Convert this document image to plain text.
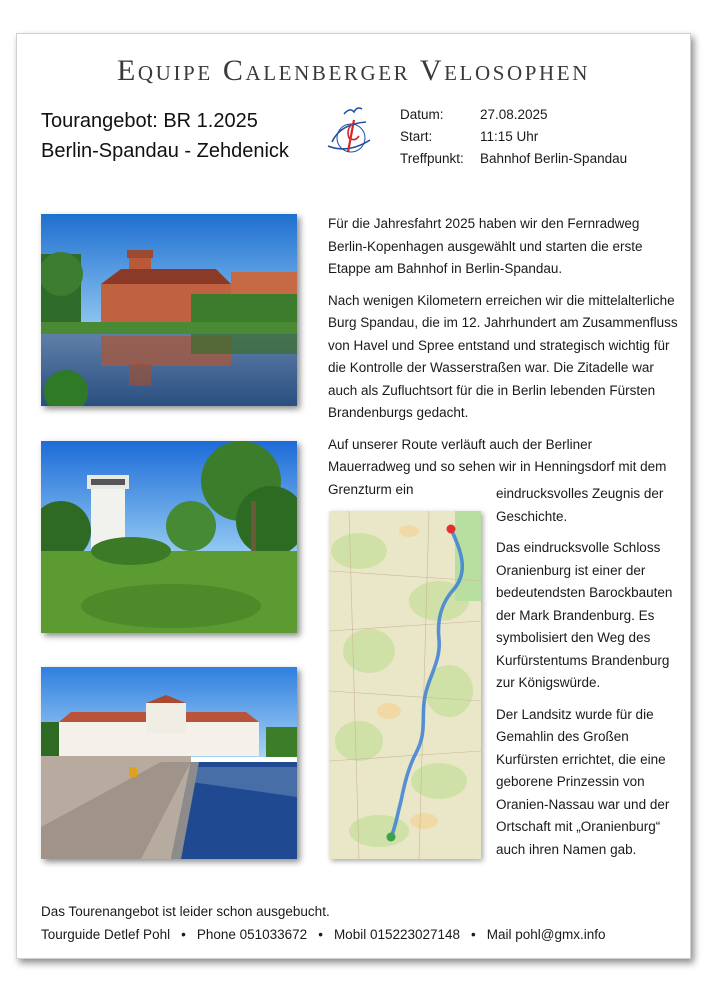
Equipe Calenberger Velosophen
Tourangebot: BR 1.2025
Berlin-Spandau - Zehdenick
Datum:	27.08.2025
Start:	11:15 Uhr
Treffpunkt:	Bahnhof Berlin-Spandau

Für die Jahresfahrt 2025 haben wir den Fernradweg Berlin-Kopenhagen ausgewählt und starten die erste Etappe am Bahnhof in Berlin-Spandau.

Nach wenigen Kilometern erreichen wir die mittelalterliche Burg Spandau, die im 12. Jahrhundert am Zusammenfluss von Havel und Spree entstand und strategisch wichtig für die Kontrolle der Wasserstraßen war. Die Zitadelle war auch als Zufluchtsort für die in Berlin lebenden Fürsten Brandenburgs gedacht.

Auf unserer Route verläuft auch der Berliner Mauerradweg und so sehen wir in Henningsdorf mit dem Grenzturm ein	eindrucksvolles Zeugnis der Geschichte.

Das eindrucksvolle Schloss Oranienburg ist einer der bedeutendsten Barockbauten der Mark Brandenburg. Es symbolisiert den Weg des Kurfürstentums Brandenburg zur Königswürde.

Der Landsitz wurde für die Gemahlin des Großen Kurfürsten errichtet, die eine geborene Prinzessin von Oranien-Nassau war und der Ortschaft mit „Oranienburg“ auch ihren Namen gab.

Das Tourenangebot ist leider schon ausgebucht.
Tourguide Detlef Pohl • Phone 051033672 • Mobil 015223027148 • Mail pohl@gmx.info
